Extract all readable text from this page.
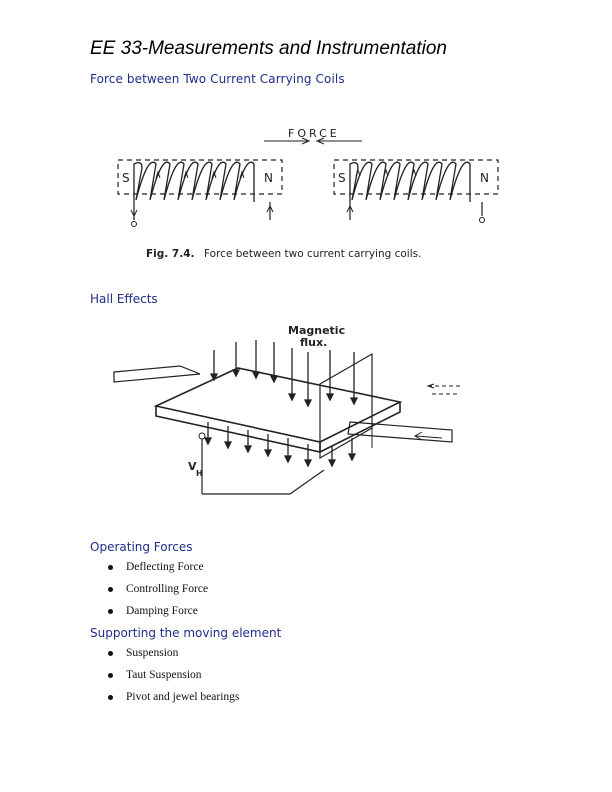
EE 33-Measurements and Instrumentation
Force between Two Current Carrying Coils
FORCE
S	N	S	N
Fig. 7.4. Force between two current carrying coils.
Hall Effects
Magnetic
flux.
V
H
Operating Forces
Deflecting Force
Controlling Force
Damping Force
Supporting the moving element
Suspension
Taut Suspension
Pivot and jewel bearings
